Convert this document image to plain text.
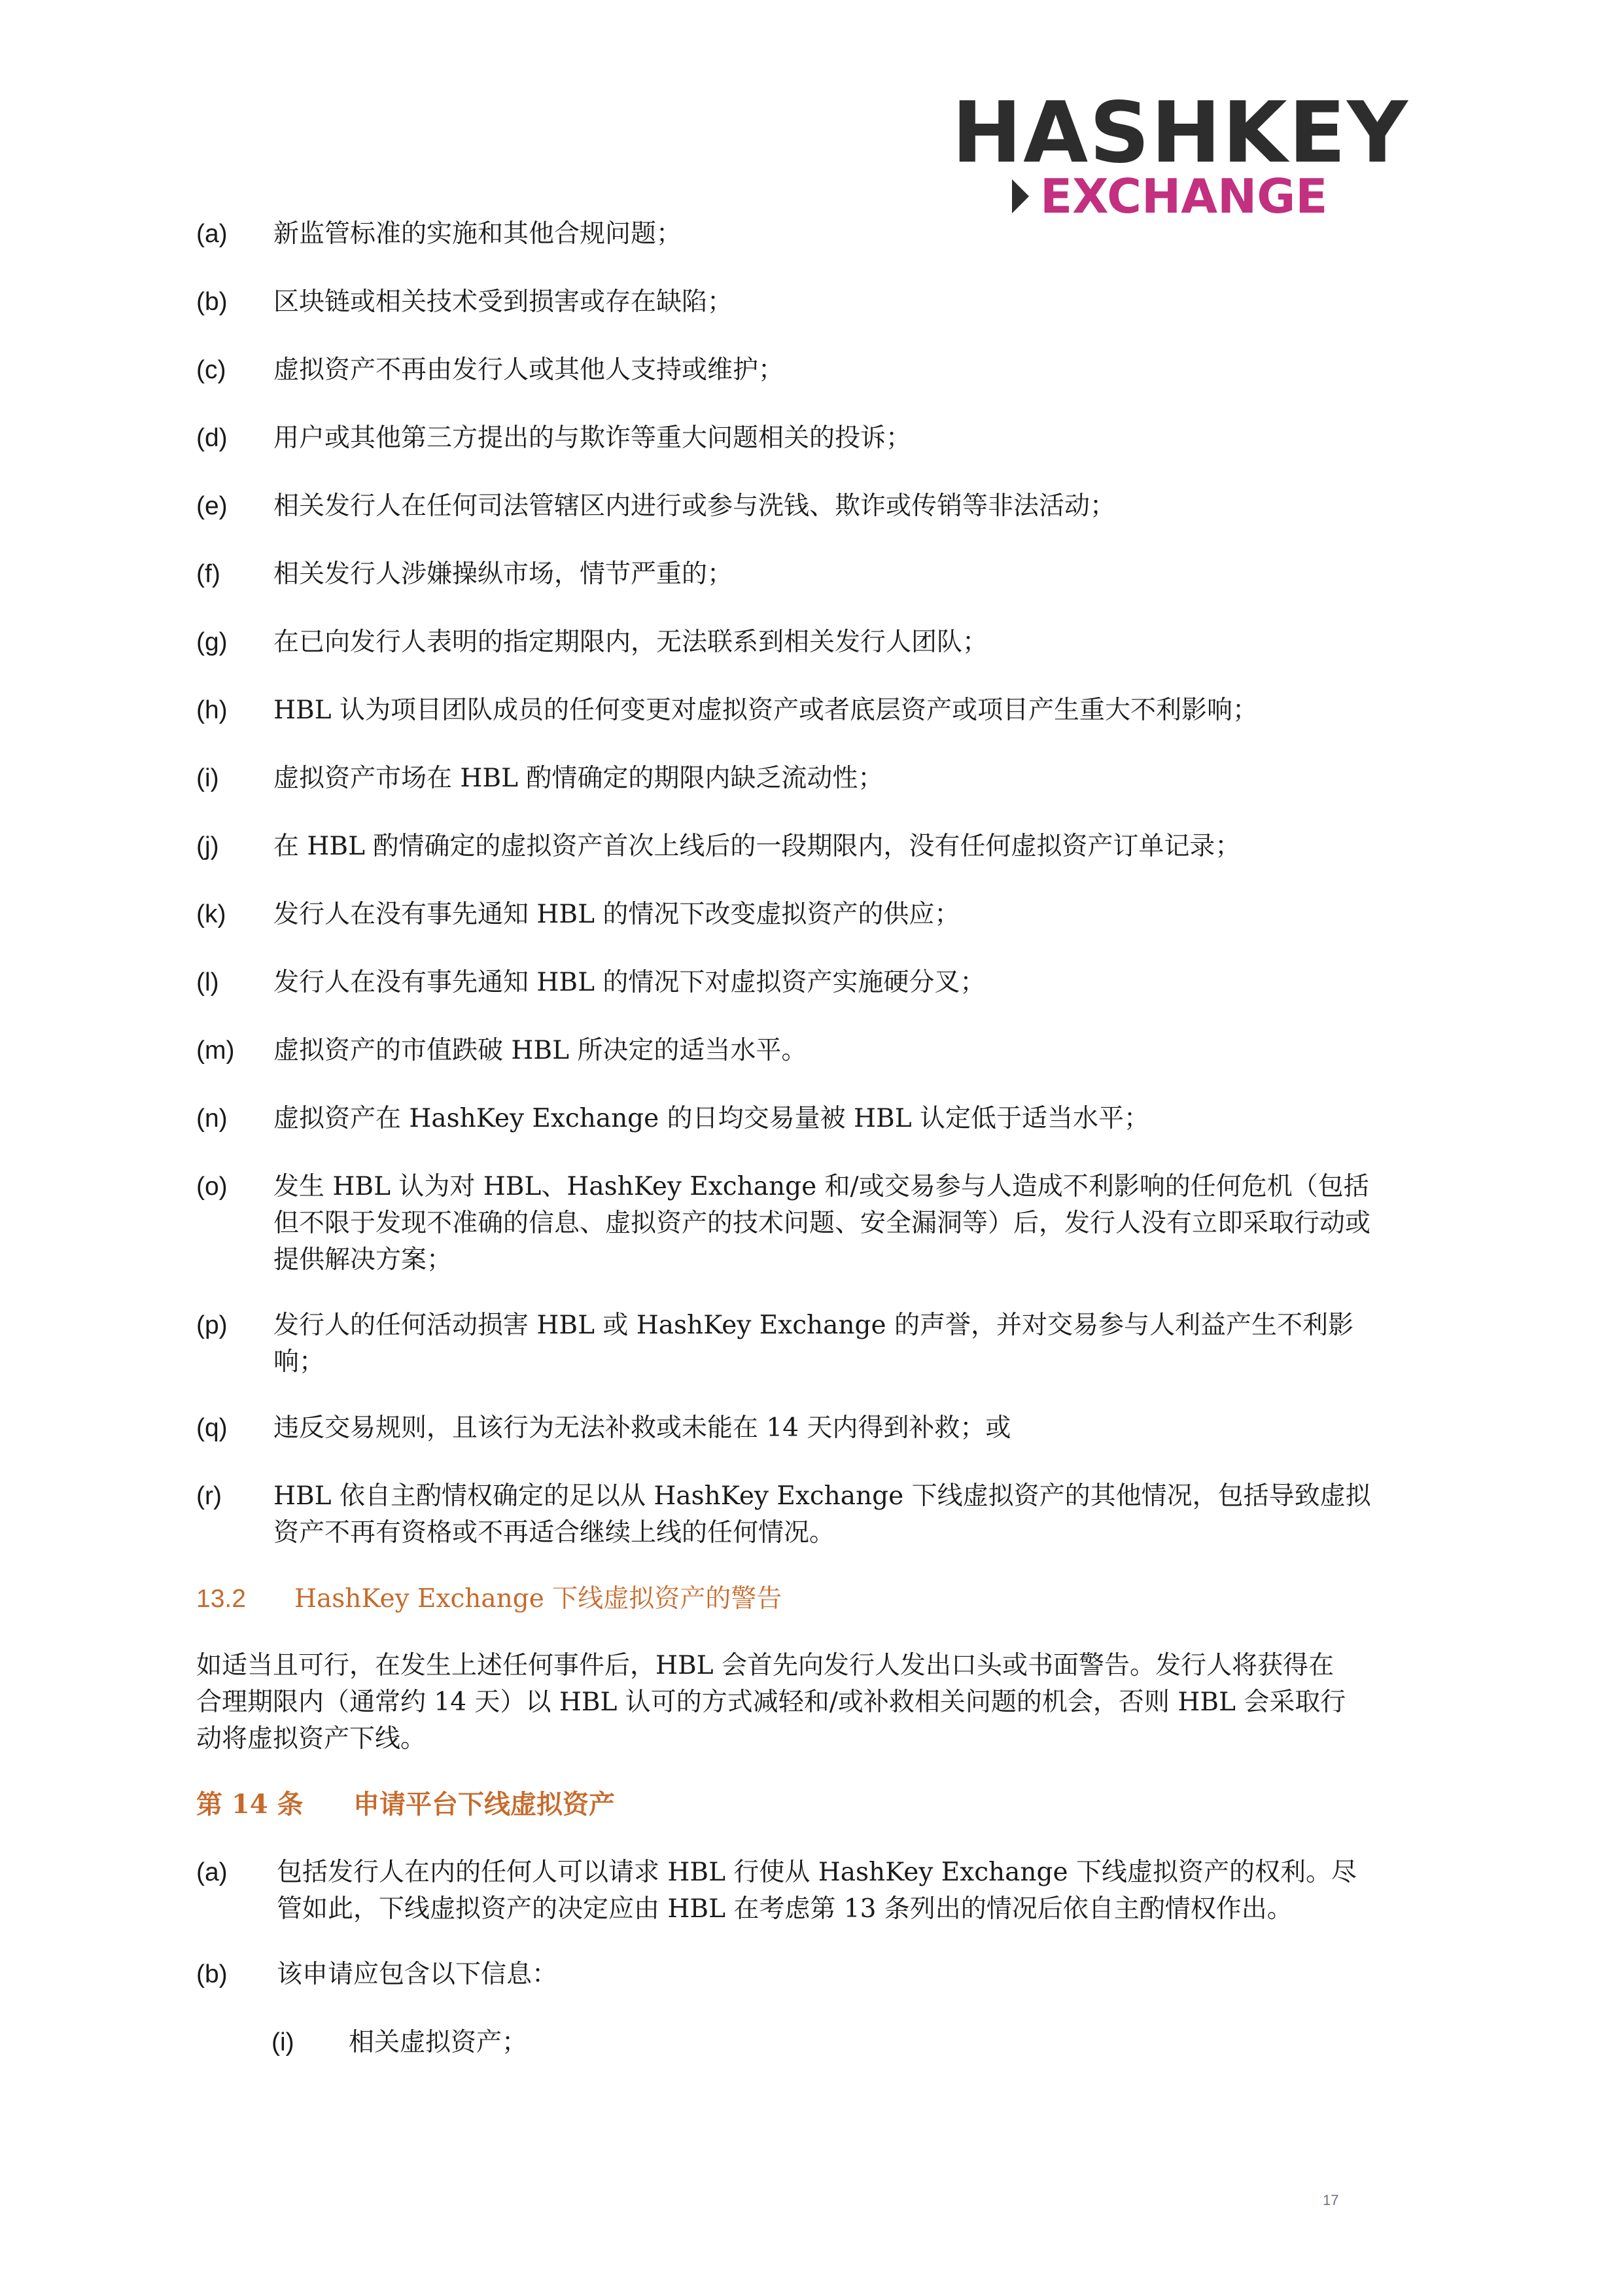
HASHKEY
EXCHANGE
(a)	新监管标准的实施和其他合规问题；
(b)	区块链或相关技术受到损害或存在缺陷；
(c)	虚拟资产不再由发行人或其他人支持或维护；
(d)	用户或其他第三方提出的与欺诈等重大问题相关的投诉；
(e)	相关发行人在任何司法管辖区内进行或参与洗钱、欺诈或传销等非法活动；
(f)	相关发行人涉嫌操纵市场，情节严重的；
(g)	在已向发行人表明的指定期限内，无法联系到相关发行人团队；
(h)	HBL 认为项目团队成员的任何变更对虚拟资产或者底层资产或项目产生重大不利影响；
(i)	虚拟资产市场在 HBL 酌情确定的期限内缺乏流动性；
(j)	在 HBL 酌情确定的虚拟资产首次上线后的一段期限内，没有任何虚拟资产订单记录；
(k)	发行人在没有事先通知 HBL 的情况下改变虚拟资产的供应；
(l)	发行人在没有事先通知 HBL 的情况下对虚拟资产实施硬分叉；
(m)	虚拟资产的市值跌破 HBL 所决定的适当水平。
(n)	虚拟资产在 HashKey Exchange 的日均交易量被 HBL 认定低于适当水平；
(o)	发生 HBL 认为对 HBL、HashKey Exchange 和/或交易参与人造成不利影响的任何危机（包括但不限于发现不准确的信息、虚拟资产的技术问题、安全漏洞等）后，发行人没有立即采取行动或提供解决方案；
(p)	发行人的任何活动损害 HBL 或 HashKey Exchange 的声誉，并对交易参与人利益产生不利影响；
(q)	违反交易规则，且该行为无法补救或未能在 14 天内得到补救；或
(r)	HBL 依自主酌情权确定的足以从 HashKey Exchange 下线虚拟资产的其他情况，包括导致虚拟资产不再有资格或不再适合继续上线的任何情况。
13.2 HashKey Exchange 下线虚拟资产的警告
如适当且可行，在发生上述任何事件后，HBL 会首先向发行人发出口头或书面警告。发行人将获得在合理期限内（通常约 14 天）以 HBL 认可的方式减轻和/或补救相关问题的机会，否则 HBL 会采取行动将虚拟资产下线。
第 14 条 申请平台下线虚拟资产
(a)	包括发行人在内的任何人可以请求 HBL 行使从 HashKey Exchange 下线虚拟资产的权利。尽管如此，下线虚拟资产的决定应由 HBL 在考虑第 13 条列出的情况后依自主酌情权作出。
(b)	该申请应包含以下信息：
(i)	相关虚拟资产；
17
